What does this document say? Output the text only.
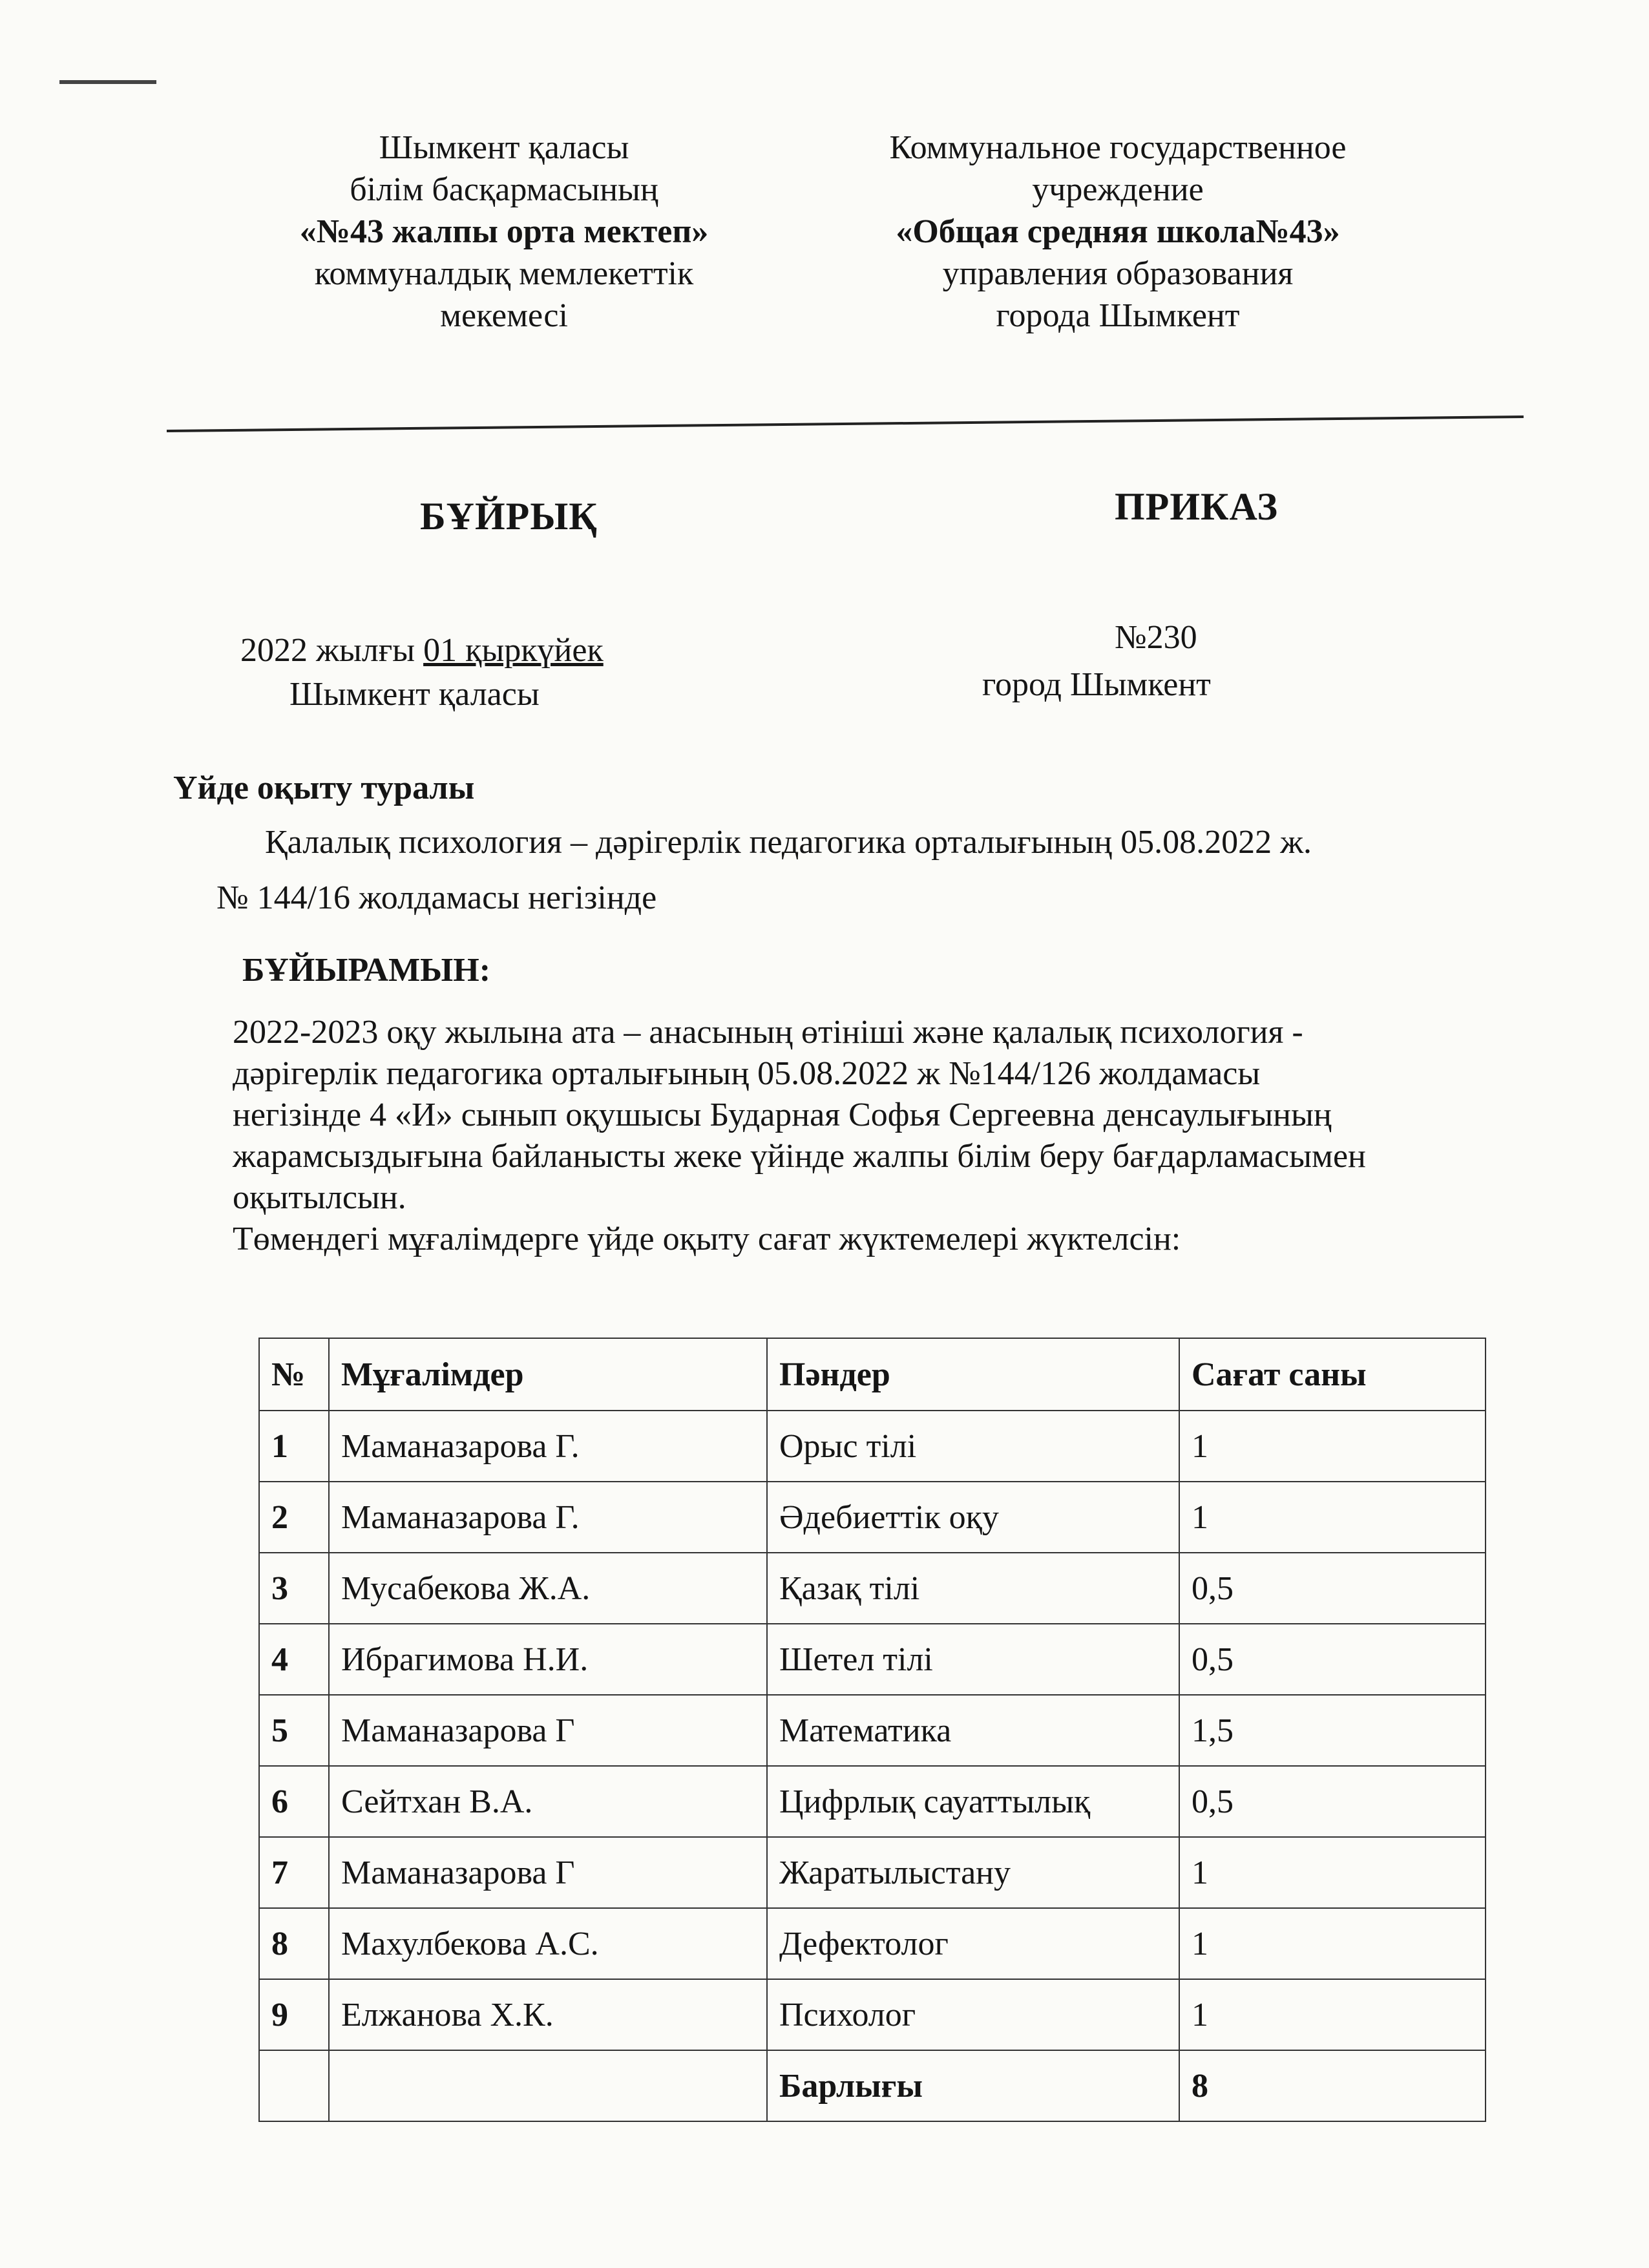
Шымкент қаласы
білім басқармасының
«№43 жалпы орта мектеп»
коммуналдық мемлекеттік
мекемесі
Коммунальное государственное
учреждение
«Общая средняя школа№43»
управления образования
города Шымкент
БҰЙРЫҚ	ПРИКАЗ
2022 жылғы 01 қыркүйек
Шымкент қаласы
№230
город Шымкент
Үйде оқыту туралы
Қалалық психология – дәрігерлік педагогика орталығының 05.08.2022 ж.
№ 144/16 жолдамасы негізінде
БҰЙЫРАМЫН:
2022-2023 оқу жылына ата – анасының өтініші және қалалық психология -
дәрігерлік педагогика орталығының 05.08.2022 ж №144/126 жолдамасы
негізінде 4 «И» сынып оқушысы Бударная Софья Сергеевна денсаулығының
жарамсыздығына байланысты жеке үйінде жалпы білім беру бағдарламасымен
оқытылсын.
Төмендегі мұғалімдерге үйде оқыту сағат жүктемелері жүктелсін:
№	Мұғалімдер	Пәндер	Сағат саны
1	Маманазарова Г.	Орыс тілі	1
2	Маманазарова Г.	Әдебиеттік оқу	1
3	Мусабекова Ж.А.	Қазақ тілі	0,5
4	Ибрагимова Н.И.	Шетел тілі	0,5
5	Маманазарова Г	Математика	1,5
6	Сейтхан В.А.	Цифрлық сауаттылық	0,5
7	Маманазарова Г	Жаратылыстану	1
8	Махулбекова А.С.	Дефектолог	1
9	Елжанова Х.К.	Психолог	1
		Барлығы	8
